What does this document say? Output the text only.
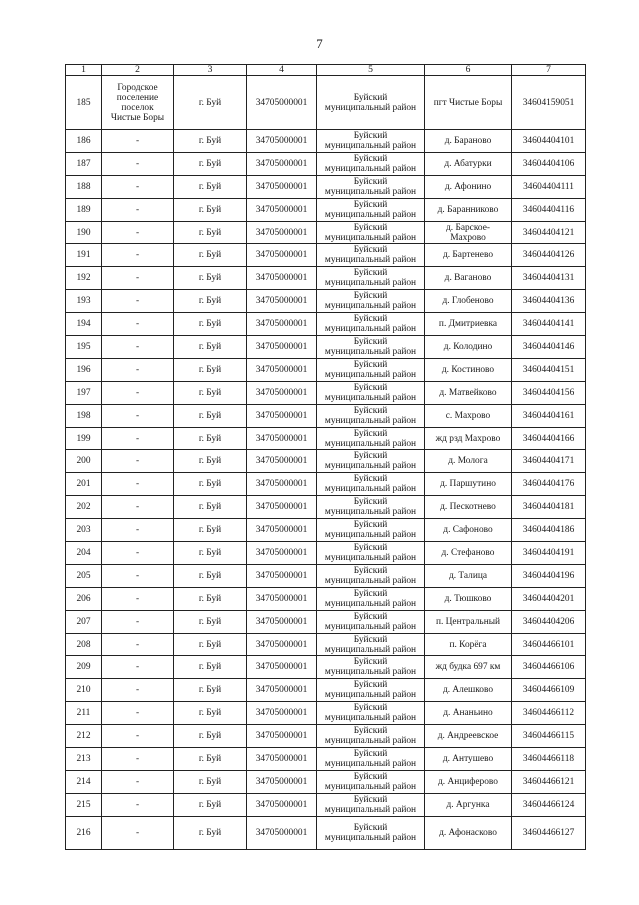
7
1	2	3	4	5	6	7
185	Городское
поселение
поселок
Чистые Боры	г. Буй	34705000001	Буйский
муниципальный район	пгт Чистые Боры	34604159051
186	-	г. Буй	34705000001	Буйский
муниципальный район	д. Бараново	34604404101
187	-	г. Буй	34705000001	Буйский
муниципальный район	д. Абатурки	34604404106
188	-	г. Буй	34705000001	Буйский
муниципальный район	д. Афонино	34604404111
189	-	г. Буй	34705000001	Буйский
муниципальный район	д. Баранниково	34604404116
190	-	г. Буй	34705000001	Буйский
муниципальный район	д. Барское-
Махрово	34604404121
191	-	г. Буй	34705000001	Буйский
муниципальный район	д. Бартенево	34604404126
192	-	г. Буй	34705000001	Буйский
муниципальный район	д. Ваганово	34604404131
193	-	г. Буй	34705000001	Буйский
муниципальный район	д. Глобеново	34604404136
194	-	г. Буй	34705000001	Буйский
муниципальный район	п. Дмитриевка	34604404141
195	-	г. Буй	34705000001	Буйский
муниципальный район	д. Колодино	34604404146
196	-	г. Буй	34705000001	Буйский
муниципальный район	д. Костиново	34604404151
197	-	г. Буй	34705000001	Буйский
муниципальный район	д. Матвейково	34604404156
198	-	г. Буй	34705000001	Буйский
муниципальный район	с. Махрово	34604404161
199	-	г. Буй	34705000001	Буйский
муниципальный район	жд рзд Махрово	34604404166
200	-	г. Буй	34705000001	Буйский
муниципальный район	д. Молога	34604404171
201	-	г. Буй	34705000001	Буйский
муниципальный район	д. Паршутино	34604404176
202	-	г. Буй	34705000001	Буйский
муниципальный район	д. Пескотнево	34604404181
203	-	г. Буй	34705000001	Буйский
муниципальный район	д. Сафоново	34604404186
204	-	г. Буй	34705000001	Буйский
муниципальный район	д. Стефаново	34604404191
205	-	г. Буй	34705000001	Буйский
муниципальный район	д. Талица	34604404196
206	-	г. Буй	34705000001	Буйский
муниципальный район	д. Тюшково	34604404201
207	-	г. Буй	34705000001	Буйский
муниципальный район	п. Центральный	34604404206
208	-	г. Буй	34705000001	Буйский
муниципальный район	п. Корёга	34604466101
209	-	г. Буй	34705000001	Буйский
муниципальный район	жд будка 697 км	34604466106
210	-	г. Буй	34705000001	Буйский
муниципальный район	д. Алешково	34604466109
211	-	г. Буй	34705000001	Буйский
муниципальный район	д. Ананьино	34604466112
212	-	г. Буй	34705000001	Буйский
муниципальный район	д. Андреевское	34604466115
213	-	г. Буй	34705000001	Буйский
муниципальный район	д. Антушево	34604466118
214	-	г. Буй	34705000001	Буйский
муниципальный район	д. Анциферово	34604466121
215	-	г. Буй	34705000001	Буйский
муниципальный район	д. Аргунка	34604466124
216	-	г. Буй	34705000001	Буйский
муниципальный район	д. Афонасково	34604466127
